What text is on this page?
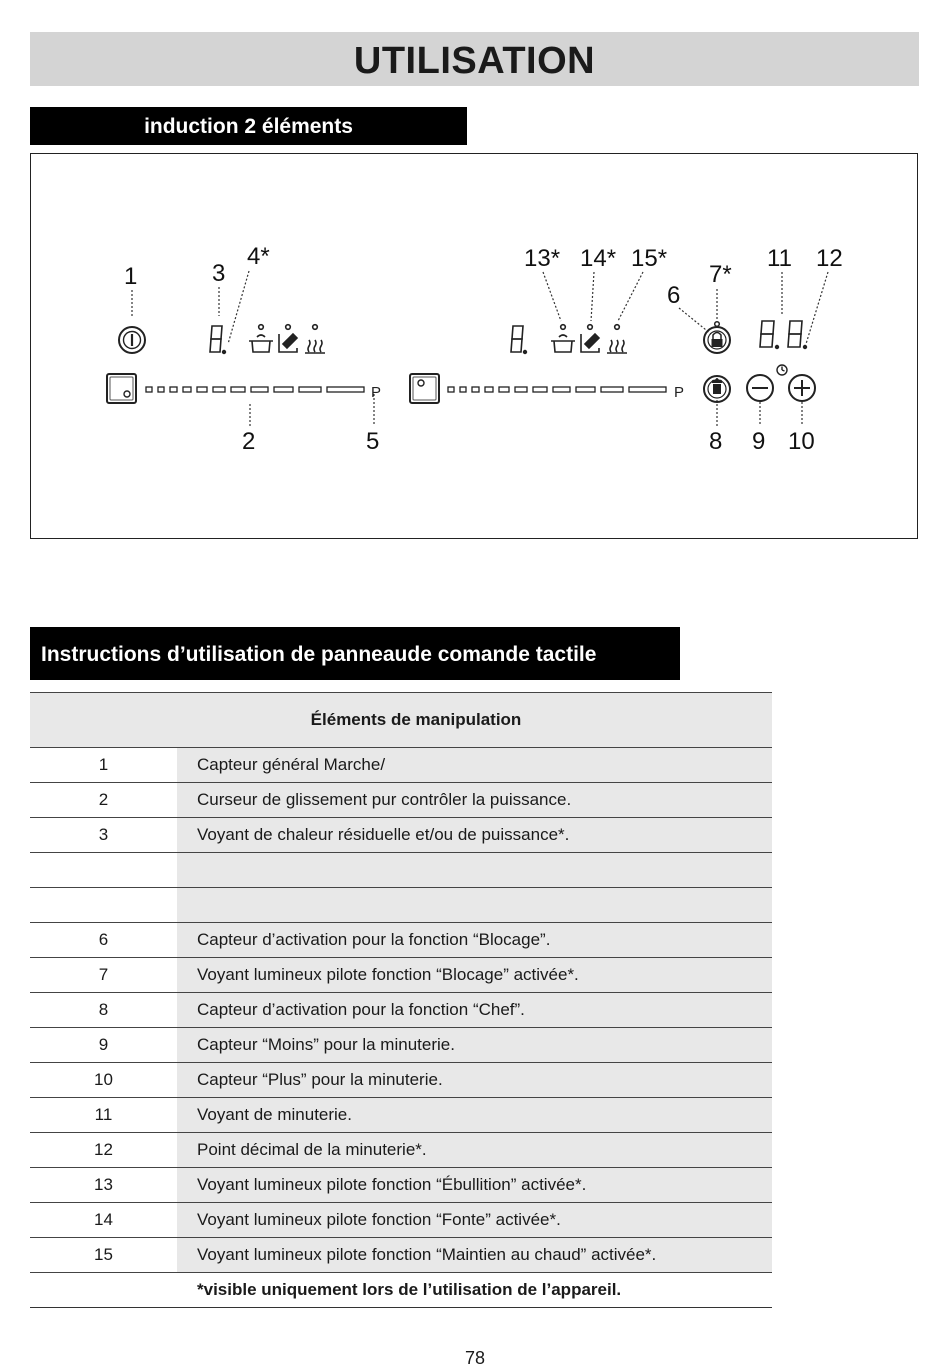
UTILISATION
induction 2 éléments
1	3
4*	13* 14* 15*
7*
6
11 12
2	5	8 9 10
P	P
Instructions d’utilisation de panneaude comande tactile
Éléments de manipulation	
1	Capteur général Marche/
2	Curseur de glissement pur contrôler la puissance.
3	Voyant de chaleur résiduelle et/ou de puissance*.

6	Capteur d’activation pour la fonction “Blocage”.
7	Voyant lumineux pilote fonction “Blocage” activée*.
8	Capteur d’activation pour la fonction “Chef”.
9	Capteur “Moins” pour la minuterie.
10	Capteur “Plus” pour la minuterie.
11	Voyant de minuterie.
12	Point décimal de la minuterie*.
13	Voyant lumineux pilote fonction “Ébullition” activée*.
14	Voyant lumineux pilote fonction “Fonte” activée*.
15	Voyant lumineux pilote fonction “Maintien au chaud” activée*.
	*visible uniquement lors de l’utilisation de l’appareil.
78
